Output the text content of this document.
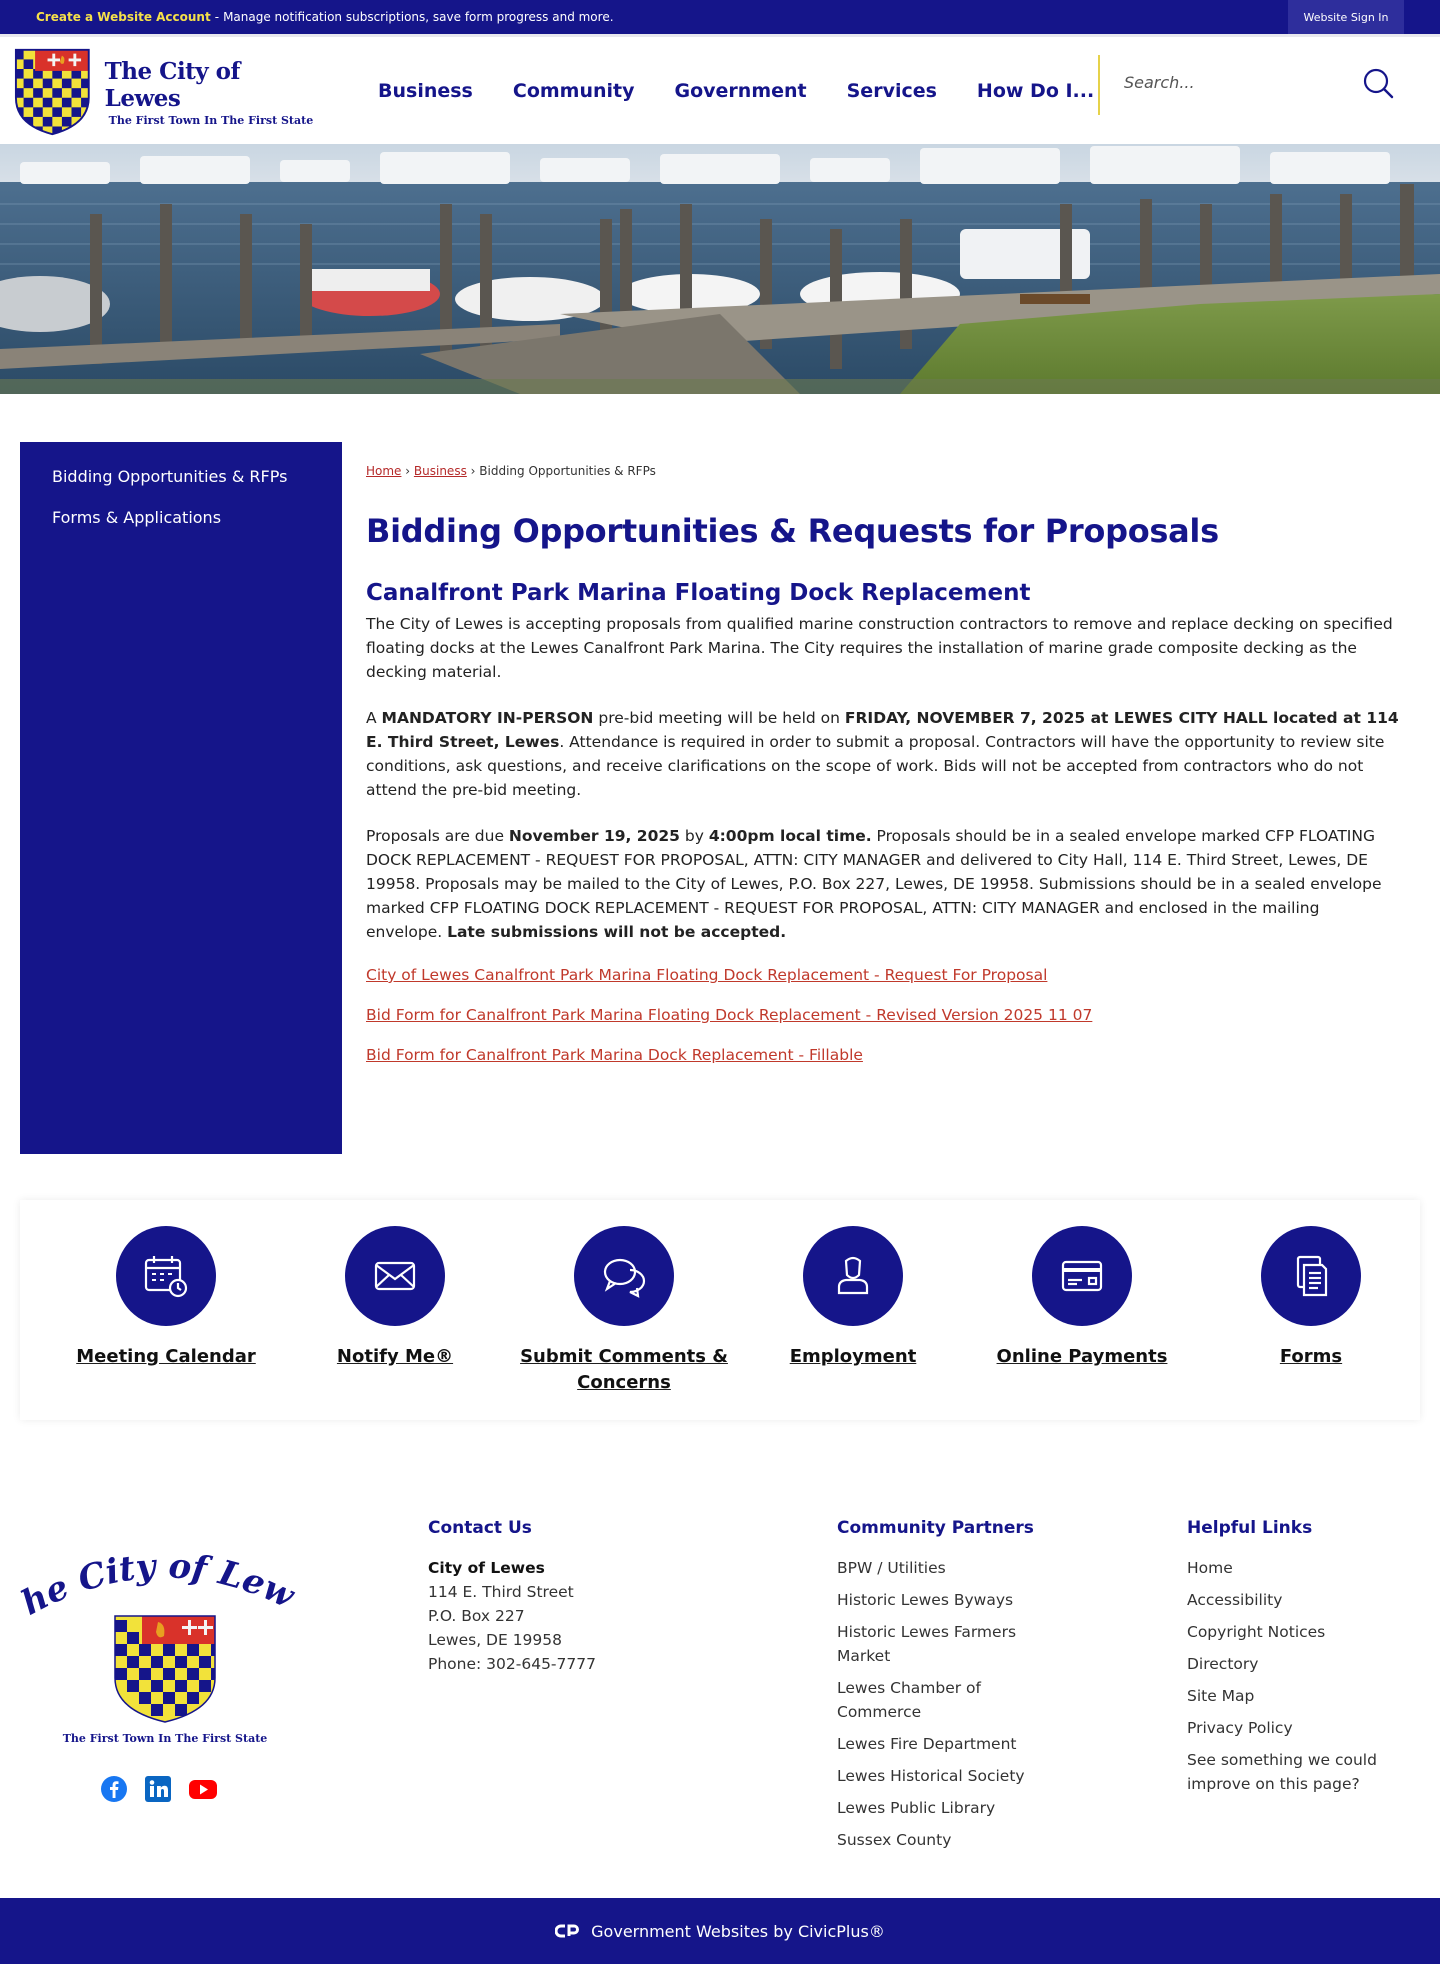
Create a Website Account - Manage notification subscriptions, save form progress and more.	Website Sign In
The City of Lewes
The First Town In The First State
Business Community Government Services How Do I...
Search...
Bidding Opportunities & RFPs
Forms & Applications
Home › Business › Bidding Opportunities & RFPs
Bidding Opportunities & Requests for Proposals
Canalfront Park Marina Floating Dock Replacement

The City of Lewes is accepting proposals from qualified marine construction contractors to remove and replace decking on specified floating docks at the Lewes Canalfront Park Marina. The City requires the installation of marine grade composite decking as the decking material.

A MANDATORY IN-PERSON pre-bid meeting will be held on FRIDAY, NOVEMBER 7, 2025 at LEWES CITY HALL located at 114 E. Third Street, Lewes. Attendance is required in order to submit a proposal. Contractors will have the opportunity to review site conditions, ask questions, and receive clarifications on the scope of work. Bids will not be accepted from contractors who do not attend the pre-bid meeting.

Proposals are due November 19, 2025 by 4:00pm local time. Proposals should be in a sealed envelope marked CFP FLOATING DOCK REPLACEMENT - REQUEST FOR PROPOSAL, ATTN: CITY MANAGER and delivered to City Hall, 114 E. Third Street, Lewes, DE 19958. Proposals may be mailed to the City of Lewes, P.O. Box 227, Lewes, DE 19958. Submissions should be in a sealed envelope marked CFP FLOATING DOCK REPLACEMENT - REQUEST FOR PROPOSAL, ATTN: CITY MANAGER and enclosed in the mailing envelope. Late submissions will not be accepted.

City of Lewes Canalfront Park Marina Floating Dock Replacement - Request For Proposal
Bid Form for Canalfront Park Marina Floating Dock Replacement - Revised Version 2025 11 07
Bid Form for Canalfront Park Marina Dock Replacement - Fillable
Meeting Calendar	Notify Me®	Submit Comments & Concerns
Employment	Online Payments	Forms
e City of Lew
The First Town In The First State
Contact Us
City of Lewes
114 E. Third Street
P.O. Box 227
Lewes, DE 19958
Phone: 302-645-7777
Community Partners
BPW / Utilities
Historic Lewes Byways
Historic Lewes Farmers Market
Lewes Chamber of Commerce
Lewes Fire Department
Lewes Historical Society
Lewes Public Library
Sussex County
Helpful Links
Home
Accessibility
Copyright Notices
Directory
Site Map
Privacy Policy
See something we could improve on this page?
Government Websites by CivicPlus®
